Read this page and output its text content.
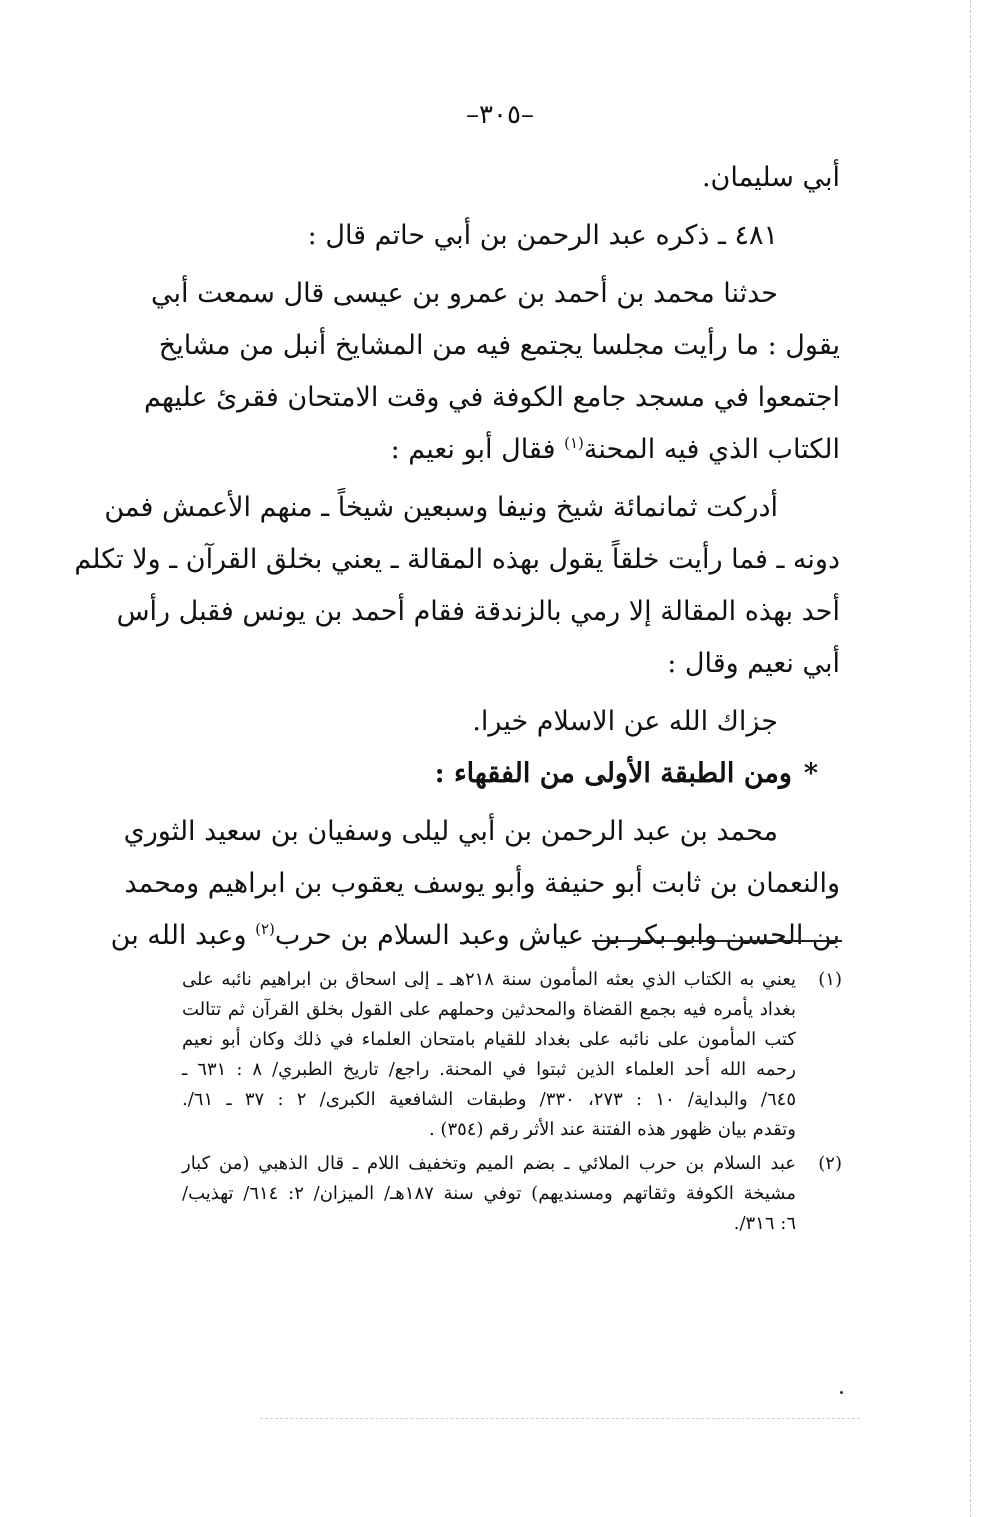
–٣٠٥–
أبي سليمان.
٤٨١ ـ ذكره عبد الرحمن بن أبي حاتم قال :
حدثنا محمد بن أحمد بن عمرو بن عيسى قال سمعت أبي
يقول : ما رأيت مجلسا يجتمع فيه من المشايخ أنبل من مشايخ
اجتمعوا في مسجد جامع الكوفة في وقت الامتحان فقرئ عليهم
الكتاب الذي فيه المحنة$^{(١)}$ فقال أبو نعيم :
أدركت ثمانمائة شيخ ونيفا وسبعين شيخاً ـ منهم الأعمش فمن
دونه ـ فما رأيت خلقاً يقول بهذه المقالة ـ يعني بخلق القرآن ـ ولا تكلم
أحد بهذه المقالة إلا رمي بالزندقة فقام أحمد بن يونس فقبل رأس
أبي نعيم وقال :
جزاك الله عن الاسلام خيرا.
*ومن الطبقة الأولى من الفقهاء :
محمد بن عبد الرحمن بن أبي ليلى وسفيان بن سعيد الثوري
والنعمان بن ثابت أبو حنيفة وأبو يوسف يعقوب بن ابراهيم ومحمد
بن الحسن وابو بكر بن عياش وعبد السلام بن حرب$^{(٢)}$ وعبد الله بن
(١)
يعني به الكتاب الذي بعثه المأمون سنة ٢١٨هـ ـ إلى اسحاق بن ابراهيم نائبه على
بغداد يأمره فيه بجمع القضاة والمحدثين وحملهم على القول بخلق القرآن ثم تتالت
كتب المأمون على نائبه على بغداد للقيام بامتحان العلماء في ذلك وكان أبو نعيم
رحمه الله أحد العلماء الذين ثبتوا في المحنة. راجع/ تاريخ الطبري/ ٨ : ٦٣١ ـ
٦٤٥/ والبداية/ ١٠ : ٢٧٣، ٣٣٠/ وطبقات الشافعية الكبرى/ ٢ : ٣٧ ـ ٦١/.
وتقدم بيان ظهور هذه الفتنة عند الأثر رقم (٣٥٤) .
(٢)
عبد السلام بن حرب الملائي ـ بضم الميم وتخفيف اللام ـ قال الذهبي (من كبار
مشيخة الكوفة وثقاتهم ومسنديهم) توفي سنة ١٨٧هـ/ الميزان/ ٢: ٦١٤/ تهذيب/
٦: ٣١٦/.
